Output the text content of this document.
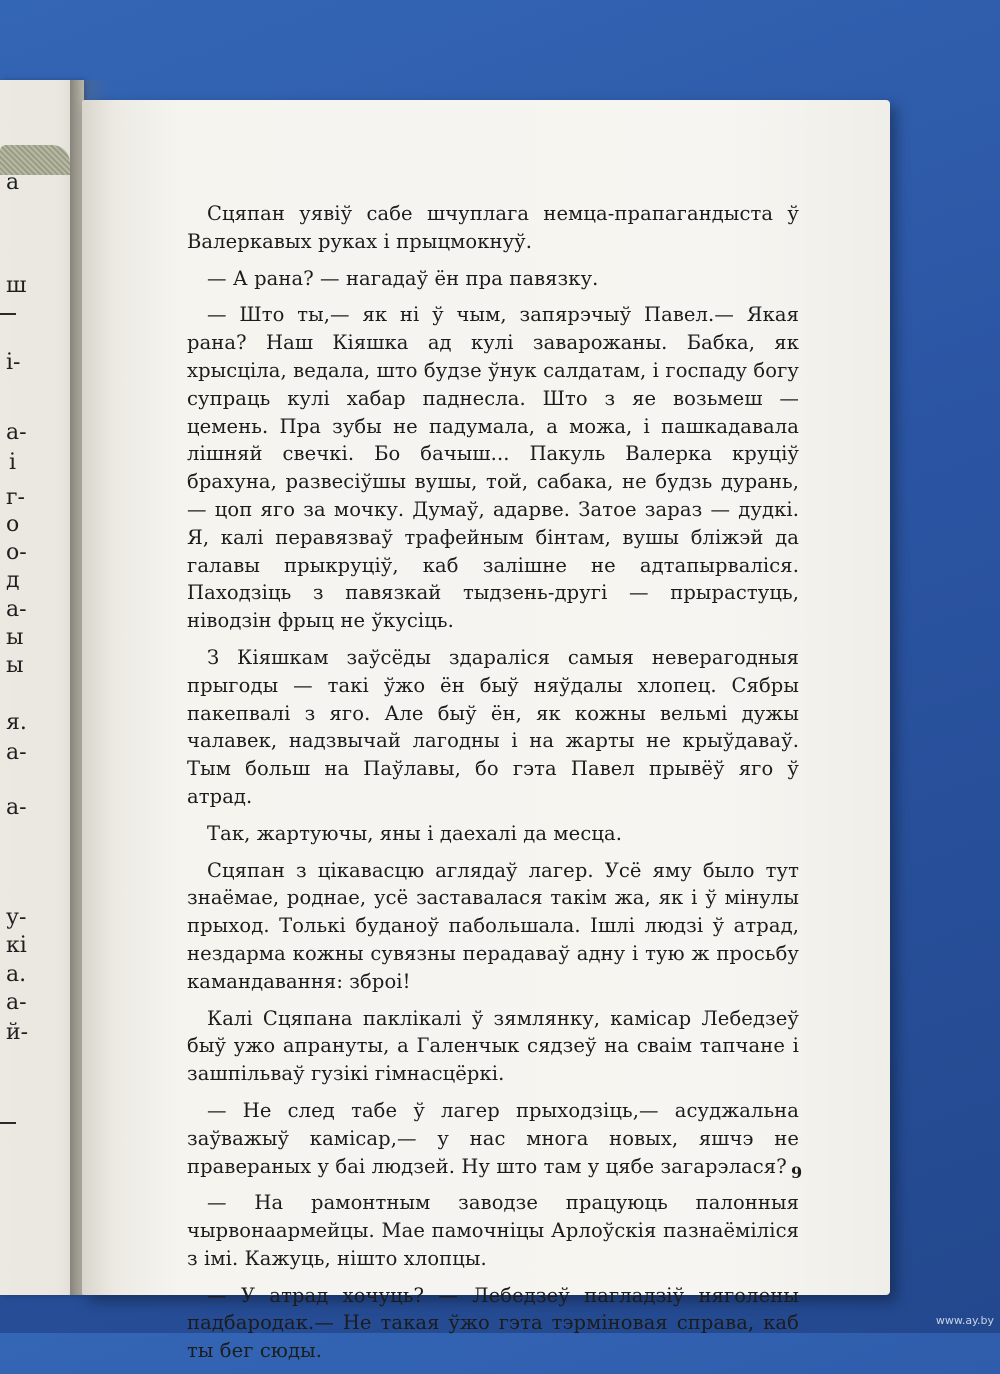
а
ш
і-
а-
і
г-
о
о-
д
а-
ы
ы
я.
а-
а-
у-
кі
а.
а-
й-

Сцяпан уявіў сабе шчуплага немца-прапагандыста ў Валеркавых руках і прыцмокнуў.

— А рана? — нагадаў ён пра павязку.

— Што ты,— як ні ў чым, запярэчыў Павел.— Якая рана? Наш Кіяшка ад кулі заварожаны. Бабка, як хрысціла, ведала, што будзе ўнук салдатам, і госпаду богу супраць кулі хабар паднесла. Што з яе возьмеш — цемень. Пра зубы не падумала, а можа, і пашкадавала лішняй свечкі. Бо бачыш... Пакуль Валерка круціў брахуна, развесіўшы вушы, той, сабака, не будзь дурань,— цоп яго за мочку. Думаў, адарве. Затое зараз — дудкі. Я, калі перавязваў трафейным бінтам, вушы бліжэй да галавы прыкруціў, каб залішне не адтапырваліся. Паходзіць з павязкай тыдзень-другі — прырастуць, ніводзін фрыц не ўкусіць.

З Кіяшкам заўсёды здараліся самыя неверагодныя прыгоды — такі ўжо ён быў няўдалы хлопец. Сябры пакепвалі з яго. Але быў ён, як кожны вельмі дужы чалавек, надзвычай лагодны і на жарты не крыўдаваў. Тым больш на Паўлавы, бо гэта Павел прывёў яго ў атрад.

Так, жартуючы, яны і даехалі да месца.

Сцяпан з цікавасцю аглядаў лагер. Усё яму было тут знаёмае, роднае, усё заставалася такім жа, як і ў мінулы прыход. Толькі буданоў пабольшала. Ішлі людзі ў атрад, нездарма кожны сувязны перадаваў адну і тую ж просьбу камандавання: зброі!

Калі Сцяпана паклікалі ў зямлянку, камісар Лебедзеў быў ужо апрануты, а Галенчык сядзеў на сваім тапчане і зашпільваў гузікі гімнасцёркі.

— Не след табе ў лагер прыходзіць,— асуджальна заўважыў камісар,— у нас многа новых, яшчэ не правераных у баі людзей. Ну што там у цябе загарэлася?

— На рамонтным заводзе працуюць палонныя чырвонаармейцы. Мае памочніцы Арлоўскія пазнаёміліся з імі. Кажуць, нішто хлопцы.

— У атрад хочуць? — Лебедзеў пагладзіў няголены падбародак.— Не такая ўжо гэта тэрміновая справа, каб ты бег сюды.

9
www.ay.by
